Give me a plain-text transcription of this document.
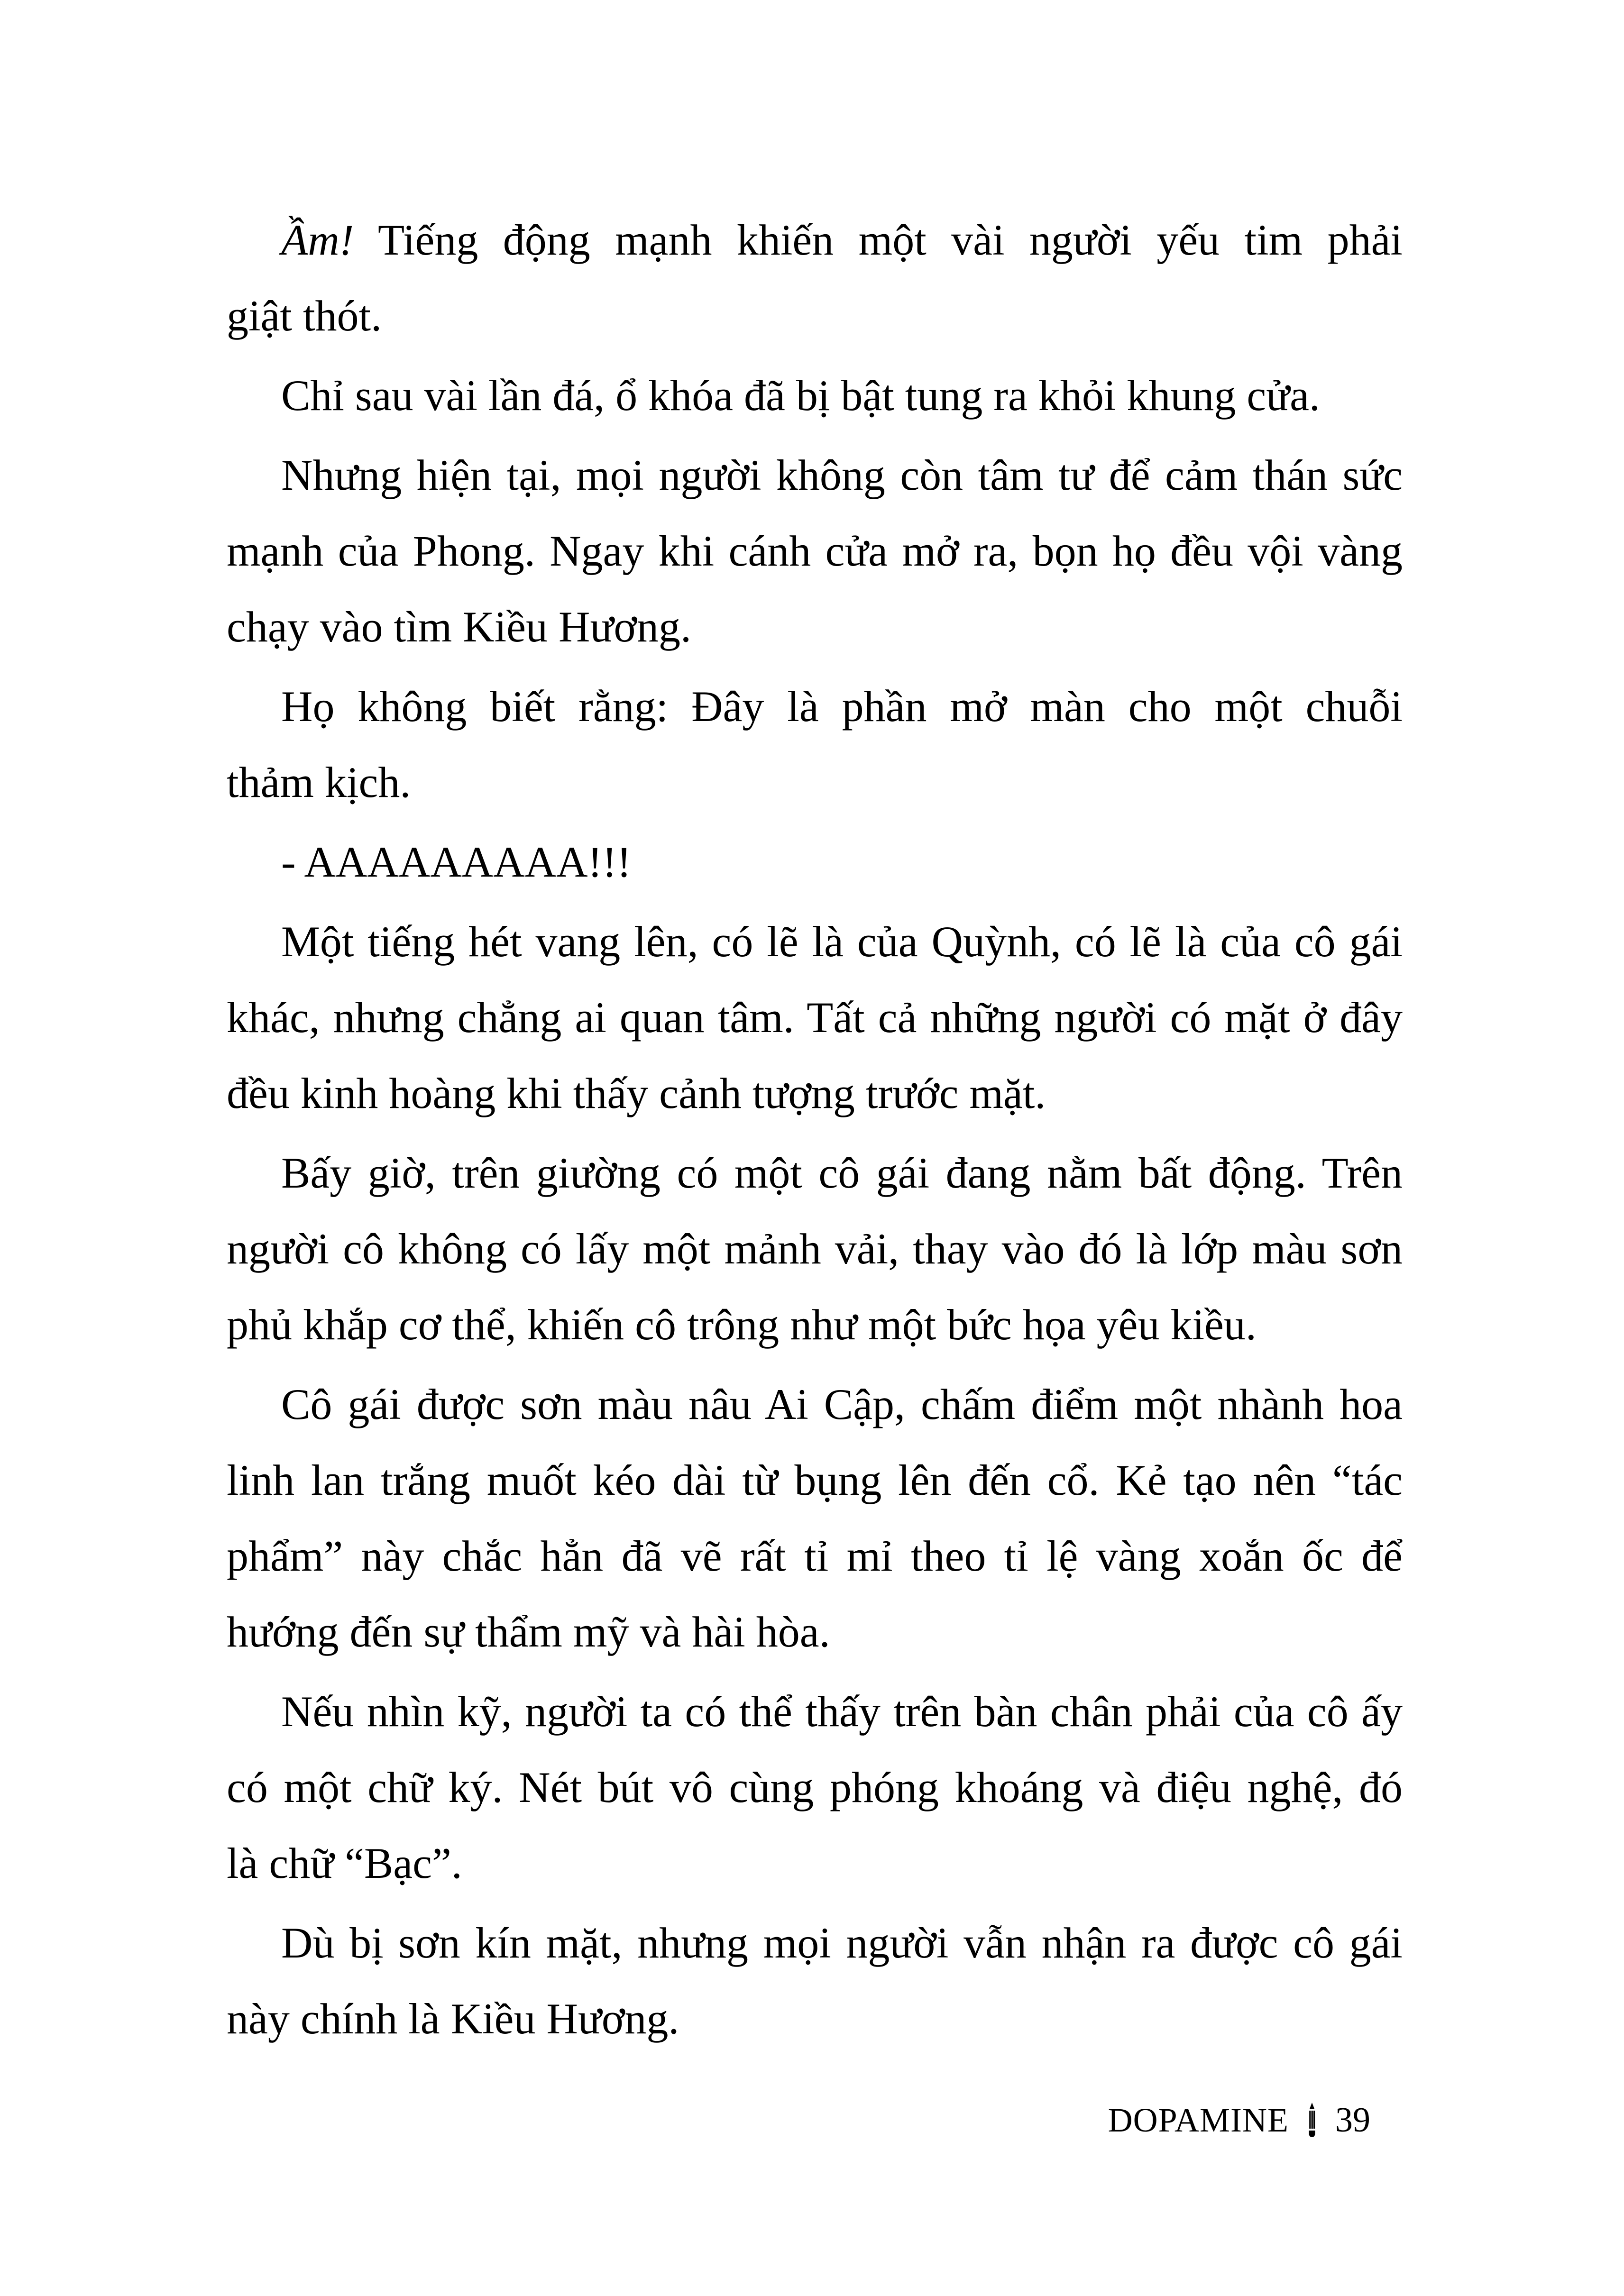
Ầm! Tiếng động mạnh khiến một vài người yếu tim phải
giật thót.
Chỉ sau vài lần đá, ổ khóa đã bị bật tung ra khỏi khung cửa.
Nhưng hiện tại, mọi người không còn tâm tư để cảm thán sức
mạnh của Phong. Ngay khi cánh cửa mở ra, bọn họ đều vội vàng
chạy vào tìm Kiều Hương.
Họ không biết rằng: Đây là phần mở màn cho một chuỗi
thảm kịch.
- AAAAAAAAA!!!
Một tiếng hét vang lên, có lẽ là của Quỳnh, có lẽ là của cô gái
khác, nhưng chẳng ai quan tâm. Tất cả những người có mặt ở đây
đều kinh hoàng khi thấy cảnh tượng trước mặt.
Bấy giờ, trên giường có một cô gái đang nằm bất động. Trên
người cô không có lấy một mảnh vải, thay vào đó là lớp màu sơn
phủ khắp cơ thể, khiến cô trông như một bức họa yêu kiều.
Cô gái được sơn màu nâu Ai Cập, chấm điểm một nhành hoa
linh lan trắng muốt kéo dài từ bụng lên đến cổ. Kẻ tạo nên “tác
phẩm” này chắc hẳn đã vẽ rất tỉ mỉ theo tỉ lệ vàng xoắn ốc để
hướng đến sự thẩm mỹ và hài hòa.
Nếu nhìn kỹ, người ta có thể thấy trên bàn chân phải của cô ấy
có một chữ ký. Nét bút vô cùng phóng khoáng và điệu nghệ, đó
là chữ “Bạc”.
Dù bị sơn kín mặt, nhưng mọi người vẫn nhận ra được cô gái
này chính là Kiều Hương.
DOPAMINE 39
